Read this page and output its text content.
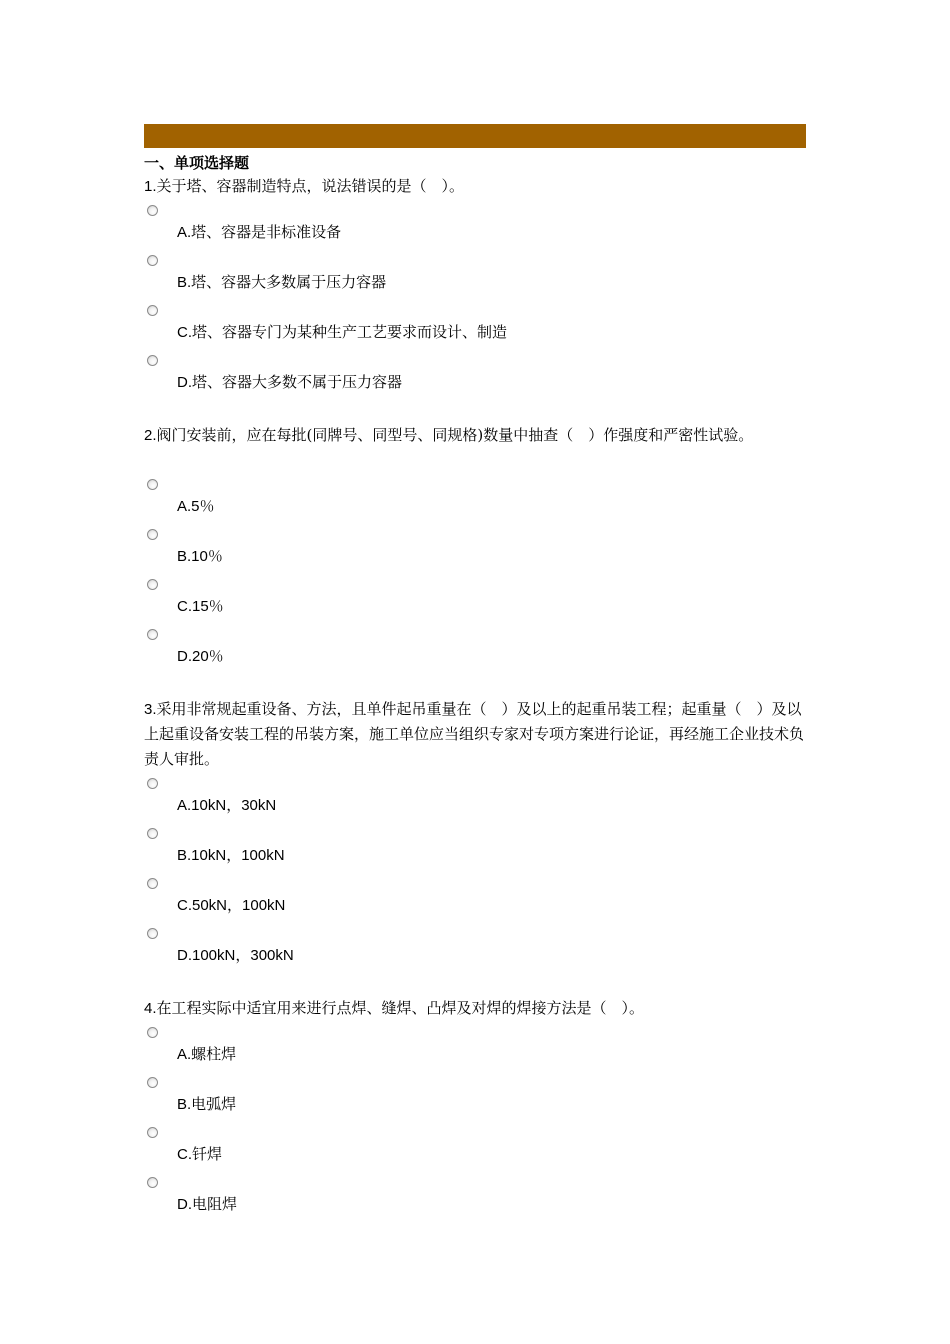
一、单项选择题
1.关于塔、容器制造特点，说法错误的是（　）。
A.塔、容器是非标准设备
B.塔、容器大多数属于压力容器
C.塔、容器专门为某种生产工艺要求而设计、制造
D.塔、容器大多数不属于压力容器
2.阀门安装前，应在每批(同牌号、同型号、同规格)数量中抽查（　）作强度和严密性试验。
A.5％
B.10％
C.15％
D.20％
3.采用非常规起重设备、方法，且单件起吊重量在（　）及以上的起重吊装工程；起重量（　）及以上起重设备安装工程的吊装方案，施工单位应当组织专家对专项方案进行论证，再经施工企业技术负责人审批。
A.10kN，30kN
B.10kN，100kN
C.50kN，100kN
D.100kN，300kN
4.在工程实际中适宜用来进行点焊、缝焊、凸焊及对焊的焊接方法是（　）。
A.螺柱焊
B.电弧焊
C.钎焊
D.电阻焊
